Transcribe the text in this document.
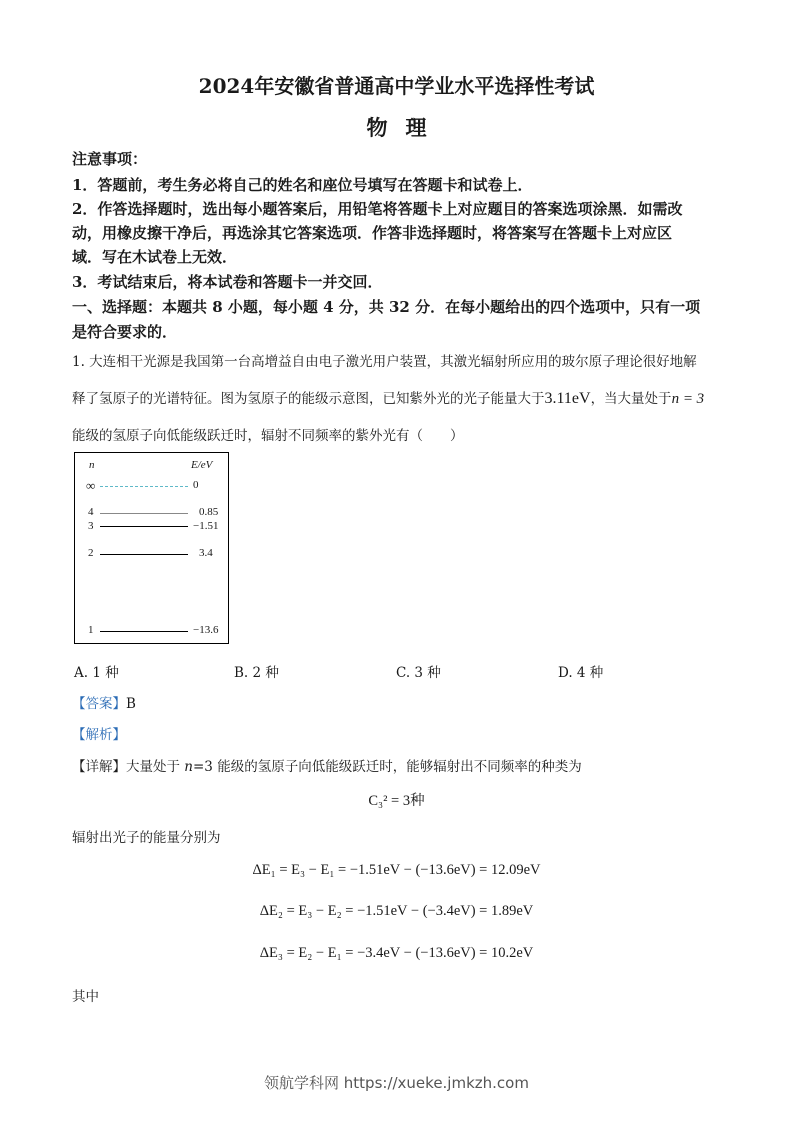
2024年安徽省普通高中学业水平选择性考试
物理
注意事项：
1．答题前，考生务必将自己的姓名和座位号填写在答题卡和试卷上．
2．作答选择题时，选出每小题答案后，用铅笔将答题卡上对应题目的答案选项涂黑．如需改
动，用橡皮擦干净后，再选涂其它答案选项．作答非选择题时，将答案写在答题卡上对应区
域．写在木试卷上无效．
3．考试结束后，将本试卷和答题卡一并交回．
一、选择题：本题共 8 小题，每小题 4 分，共 32 分．在每小题给出的四个选项中，只有一项
是符合要求的．
1. 大连相干光源是我国第一台高增益自由电子激光用户装置，其激光辐射所应用的玻尔原子理论很好地解
释了氢原子的光谱特征。图为氢原子的能级示意图，已知紫外光的光子能量大于3.11eV，当大量处于n = 3
能级的氢原子向低能级跃迁时，辐射不同频率的紫外光有（　　）
n	E/eV
∞	0
4	0.85
3	−1.51
2	3.4
1	−13.6
A. 1 种	B. 2 种	C. 3 种	D. 4 种
【答案】B
【解析】
【详解】大量处于 n=3 能级的氢原子向低能级跃迁时，能够辐射出不同频率的种类为
C₃² = 3种
辐射出光子的能量分别为
ΔE₁ = E₃ − E₁ = −1.51eV − (−13.6eV) = 12.09eV
ΔE₂ = E₃ − E₂ = −1.51eV − (−3.4eV) = 1.89eV
ΔE₃ = E₂ − E₁ = −3.4eV − (−13.6eV) = 10.2eV
其中
领航学科网 https://xueke.jmkzh.com
